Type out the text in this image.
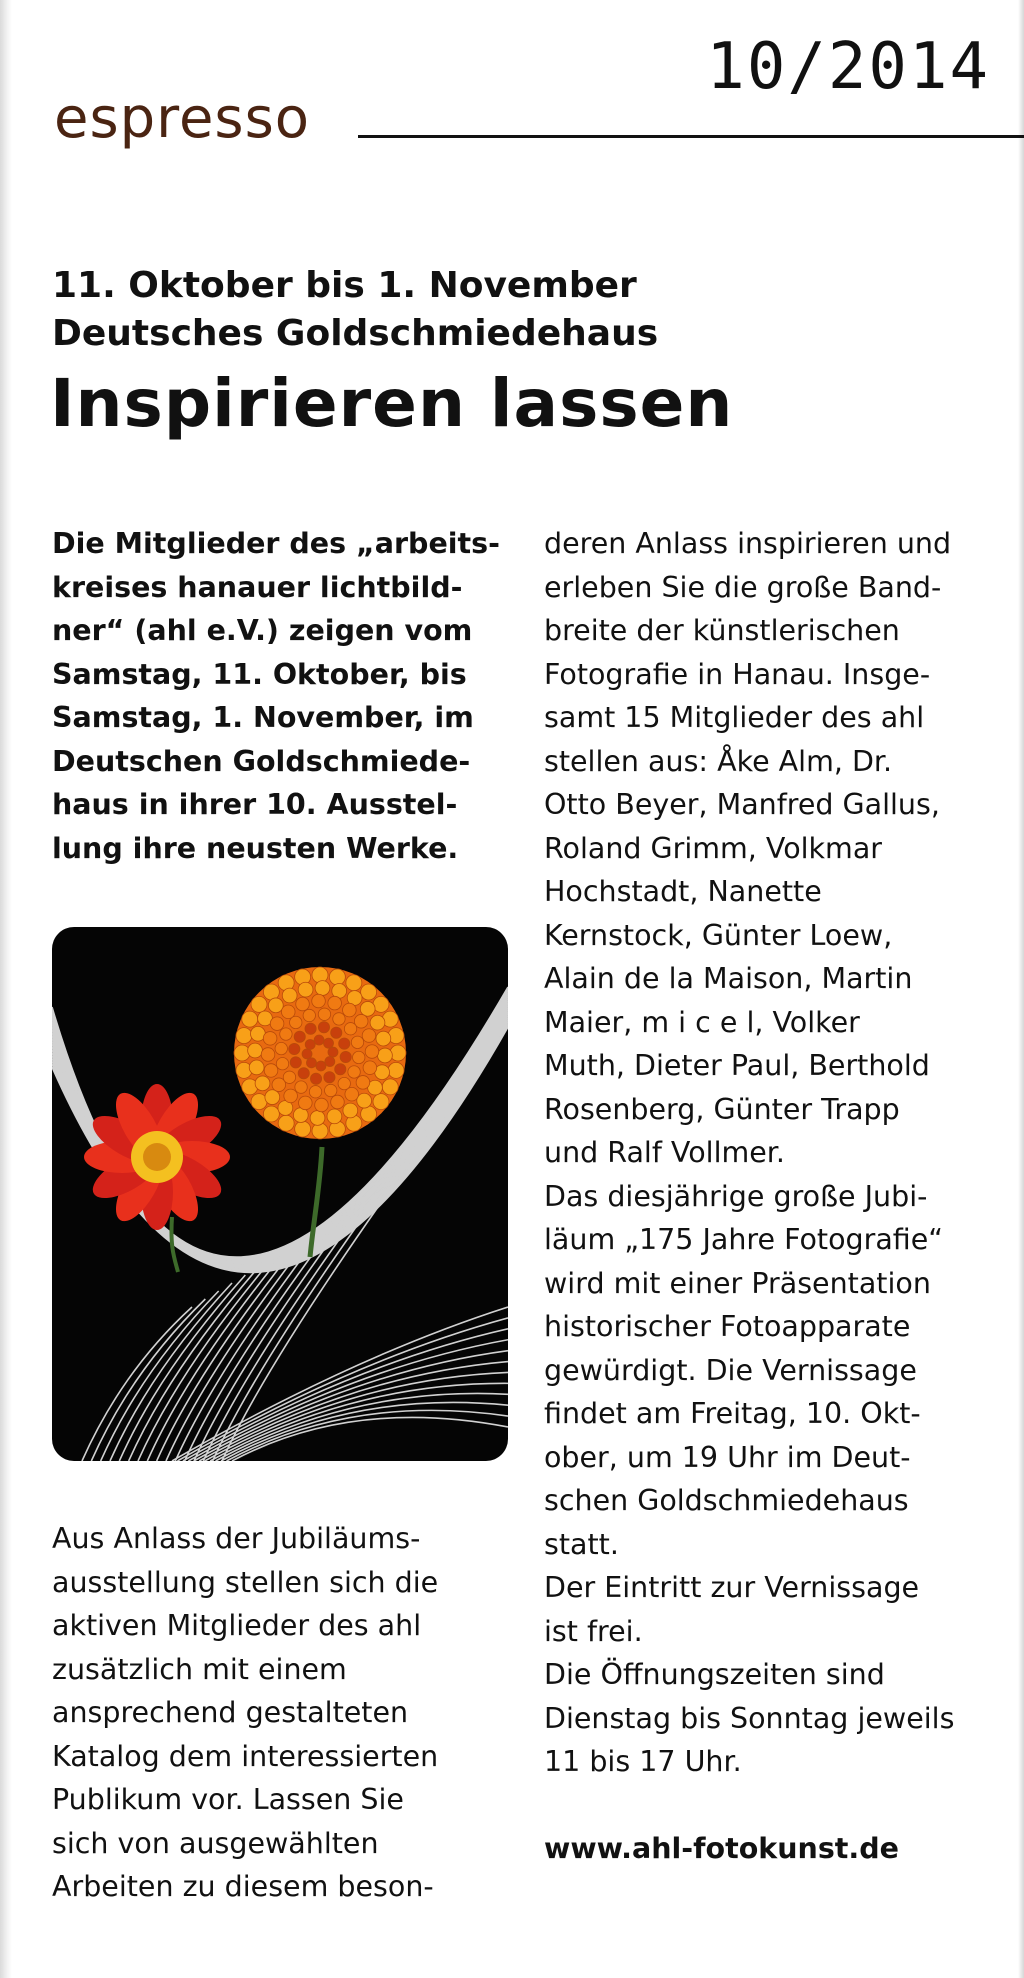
10/2014
espresso

11. Oktober bis 1. November

Deutsches Goldschmiedehaus

Inspirieren lassen

Die Mitglieder des „arbeits-

kreises hanauer lichtbild-

ner“ (ahl e.V.) zeigen vom

Samstag, 11. Oktober, bis

Samstag, 1. November, im

Deutschen Goldschmiede-

haus in ihrer 10. Ausstel-

lung ihre neusten Werke.

Aus Anlass der Jubiläums-

ausstellung stellen sich die

aktiven Mitglieder des ahl

zusätzlich mit einem

ansprechend gestalteten

Katalog dem interessierten

Publikum vor. Lassen Sie

sich von ausgewählten

Arbeiten zu diesem beson-

deren Anlass inspirieren und

erleben Sie die große Band-

breite der künstlerischen

Fotografie in Hanau. Insge-

samt 15 Mitglieder des ahl

stellen aus: Åke Alm, Dr.

Otto Beyer, Manfred Gallus,

Roland Grimm, Volkmar

Hochstadt, Nanette

Kernstock, Günter Loew,

Alain de la Maison, Martin

Maier, m i c e l, Volker

Muth, Dieter Paul, Berthold

Rosenberg, Günter Trapp

und Ralf Vollmer.

Das diesjährige große Jubi-

läum „175 Jahre Fotografie“

wird mit einer Präsentation

historischer Fotoapparate

gewürdigt. Die Vernissage

findet am Freitag, 10. Okt-

ober, um 19 Uhr im Deut-

schen Goldschmiedehaus

statt.

Der Eintritt zur Vernissage

ist frei.

Die Öffnungszeiten sind

Dienstag bis Sonntag jeweils

11 bis 17 Uhr.

www.ahl-fotokunst.de
